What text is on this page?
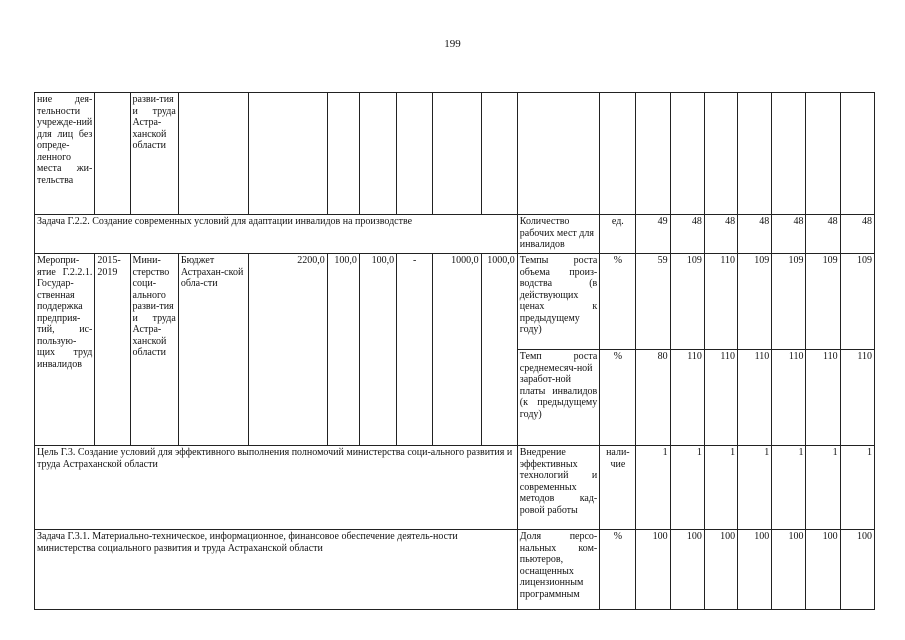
199
ние дея-тельности учрежде-ний для лиц без опреде-ленного места жи-тельства		разви-тия и труда Астра-ханской области																
Задача Г.2.2. Создание современных условий для адаптации инвалидов на производстве										Количество рабочих мест для инвалидов	ед.	49	48	48	48	48	48	48
Меропри-ятие Г.2.2.1. Государ-ственная поддержка предприя-тий, ис-пользую-щих труд инвалидов	2015-2019	Мини-стерство соци-ального разви-тия и труда Астра-ханской области	Бюджет Астрахан-ской обла-сти	2200,0	100,0	100,0	-	1000,0	1000,0	Темпы роста объема произ-водства (в действующих ценах к предыдущему году)	%	59	109	110	109	109	109	109
										Темп роста среднемесяч-ной заработ-ной платы инвалидов (к предыдущему году)	%	80	110	110	110	110	110	110
Цель Г.3. Создание условий для эффективного выполнения полномочий министерства соци-ального развития и труда Астраханской области										Внедрение эффективных технологий и современных методов кад-ровой работы	нали-чие	1	1	1	1	1	1	1
Задача Г.3.1. Материально-техническое, информационное, финансовое обеспечение деятель-ности министерства социального развития и труда Астраханской области										Доля персо-нальных ком-пьютеров, оснащенных лицензионным программным	%	100	100	100	100	100	100	100
